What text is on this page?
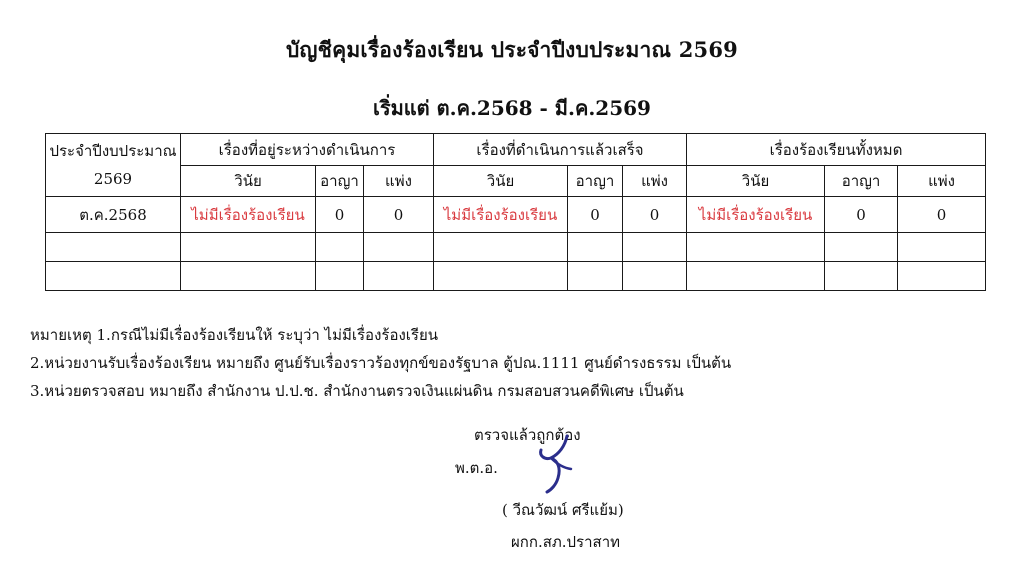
บัญชีคุมเรื่องร้องเรียน ประจำปีงบประมาณ 2569
เริ่มแต่ ต.ค.2568 - มี.ค.2569
ประจำปีงบประมาณ
2569	เรื่องที่อยู่ระหว่างดำเนินการ			เรื่องที่ดำเนินการแล้วเสร็จ			เรื่องร้องเรียนทั้งหมด		
	วินัย	อาญา	แพ่ง	วินัย	อาญา	แพ่ง	วินัย	อาญา	แพ่ง
ต.ค.2568	ไม่มีเรื่องร้องเรียน	0	0	ไม่มีเรื่องร้องเรียน	0	0	ไม่มีเรื่องร้องเรียน	0	0

หมายเหตุ 1.กรณีไม่มีเรื่องร้องเรียนให้ ระบุว่า ไม่มีเรื่องร้องเรียน
2.หน่วยงานรับเรื่องร้องเรียน หมายถึง ศูนย์รับเรื่องราวร้องทุกข์ของรัฐบาล ตู้ปณ.1111 ศูนย์ดำรงธรรม เป็นต้น
3.หน่วยตรวจสอบ หมายถึง สำนักงาน ป.ป.ช. สำนักงานตรวจเงินแผ่นดิน กรมสอบสวนคดีพิเศษ เป็นต้น
ตรวจแล้วถูกต้อง
พ.ต.อ.
( วีณวัฒน์ ศรีแย้ม)
ผกก.สภ.ปราสาท
